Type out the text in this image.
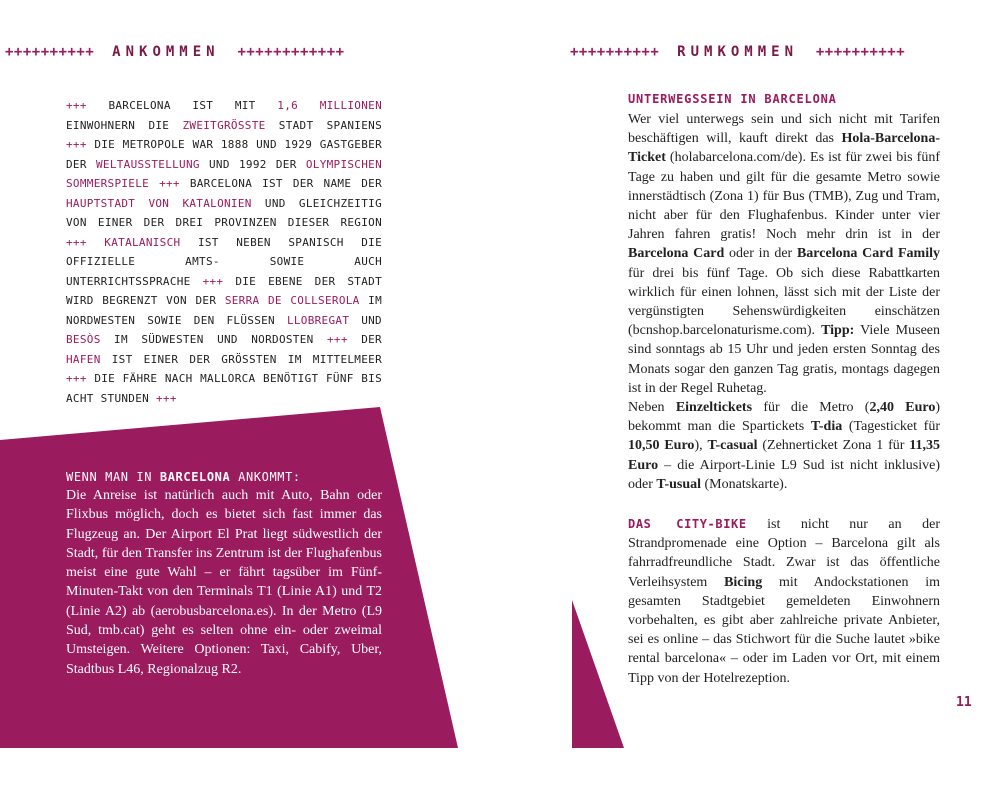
++++++++++ ANKOMMEN ++++++++++++
+++ BARCELONA IST MIT 1,6 MILLIONEN EINWOHNERN DIE ZWEITGRÖSSTE STADT SPANIENS +++ DIE METROPOLE WAR 1888 UND 1929 GASTGEBER DER WELTAUSSTELLUNG UND 1992 DER OLYMPISCHEN SOMMERSPIELE +++ BARCELONA IST DER NAME DER HAUPTSTADT VON KATALONIEN UND GLEICHZEITIG VON EINER DER DREI PROVINZEN DIESER REGION +++ KATALANISCH IST NEBEN SPANISCH DIE OFFIZIELLE AMTS- SOWIE AUCH UNTERRICHTSSPRACHE +++ DIE EBENE DER STADT WIRD BEGRENZT VON DER SERRA DE COLLSEROLA IM NORDWESTEN SOWIE DEN FLÜSSEN LLOBREGAT UND BESÒS IM SÜDWESTEN UND NORDOSTEN +++ DER HAFEN IST EINER DER GRÖSSTEN IM MITTELMEER +++ DIE FÄHRE NACH MALLORCA BENÖTIGT FÜNF BIS ACHT STUNDEN +++
WENN MAN IN BARCELONA ANKOMMT:
Die Anreise ist natürlich auch mit Auto, Bahn oder Flixbus möglich, doch es bietet sich fast immer das Flugzeug an. Der Airport El Prat liegt südwestlich der Stadt, für den Transfer ins Zentrum ist der Flughafenbus meist eine gute Wahl – er fährt tagsüber im Fünf-Minuten-Takt von den Terminals T1 (Linie A1) und T2 (Linie A2) ab (aerobusbarcelona.es). In der Metro (L9 Sud, tmb.cat) geht es selten ohne ein- oder zweimal Umsteigen. Weitere Optionen: Taxi, Cabify, Uber, Stadtbus L46, Regionalzug R2.
++++++++++ RUMKOMMEN ++++++++++
UNTERWEGSSEIN IN BARCELONA
Wer viel unterwegs sein und sich nicht mit Tarifen beschäftigen will, kauft direkt das Hola-Barcelona-Ticket (holabarcelona.com/de). Es ist für zwei bis fünf Tage zu haben und gilt für die gesamte Metro sowie innerstädtisch (Zona 1) für Bus (TMB), Zug und Tram, nicht aber für den Flughafenbus. Kinder unter vier Jahren fahren gratis! Noch mehr drin ist in der Barcelona Card oder in der Barcelona Card Family für drei bis fünf Tage. Ob sich diese Rabattkarten wirklich für einen lohnen, lässt sich mit der Liste der vergünstigten Sehenswürdigkeiten einschätzen (bcnshop.barcelonaturisme.com). Tipp: Viele Museen sind sonntags ab 15 Uhr und jeden ersten Sonntag des Monats sogar den ganzen Tag gratis, montags dagegen ist in der Regel Ruhetag.
Neben Einzeltickets für die Metro (2,40 Euro) bekommt man die Spartickets T-dia (Tagesticket für 10,50 Euro), T-casual (Zehnerticket Zona 1 für 11,35 Euro – die Airport-Linie L9 Sud ist nicht inklusive) oder T-usual (Monatskarte).
DAS CITY-BIKE ist nicht nur an der Strandpromenade eine Option – Barcelona gilt als fahrradfreundliche Stadt. Zwar ist das öffentliche Verleihsystem Bicing mit Andockstationen im gesamten Stadtgebiet gemeldeten Einwohnern vorbehalten, es gibt aber zahlreiche private Anbieter, sei es online – das Stichwort für die Suche lautet »bike rental barcelona« – oder im Laden vor Ort, mit einem Tipp von der Hotelrezeption.
11
